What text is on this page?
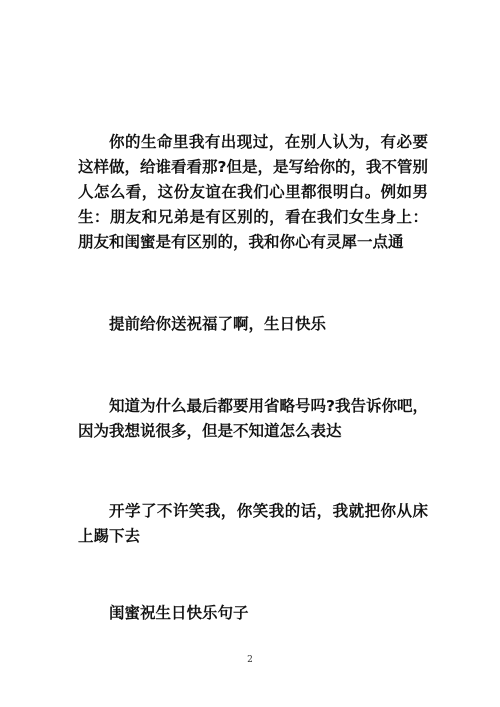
你的生命里我有出现过，在别人认为，有必要这样做，给谁看看那?但是，是写给你的，我不管别人怎么看，这份友谊在我们心里都很明白。例如男生：朋友和兄弟是有区别的，看在我们女生身上：朋友和闺蜜是有区别的，我和你心有灵犀一点通

提前给你送祝福了啊，生日快乐

知道为什么最后都要用省略号吗?我告诉你吧，因为我想说很多，但是不知道怎么表达

开学了不许笑我，你笑我的话，我就把你从床上踢下去

闺蜜祝生日快乐句子

2
